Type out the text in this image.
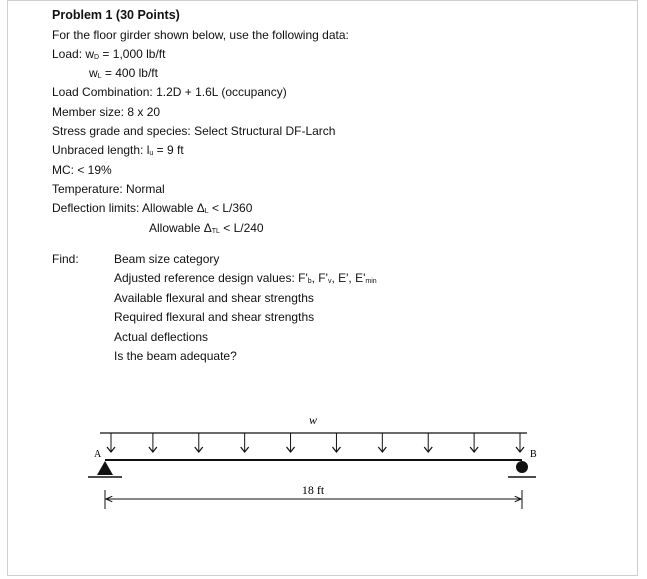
Problem 1 (30 Points)
For the floor girder shown below, use the following data:
Load: $w_D = 1,000$ lb/ft
$w_L = 400$ lb/ft
Load Combination: 1.2D + 1.6L (occupancy)
Member size: 8 x 20
Stress grade and species: Select Structural DF-Larch
Unbraced length: $l_u = 9$ ft
MC: < 19%
Temperature: Normal
Deflection limits: Allowable $\Delta_L < L/360$
Allowable $\Delta_{TL} < L/240$
Find:	Beam size category
Adjusted reference design values: $F'_b$, $F'_v$, E', $E'_{min}$
Available flexural and shear strengths
Required flexural and shear strengths
Actual deflections
Is the beam adequate?
w
A	B
18 ft
